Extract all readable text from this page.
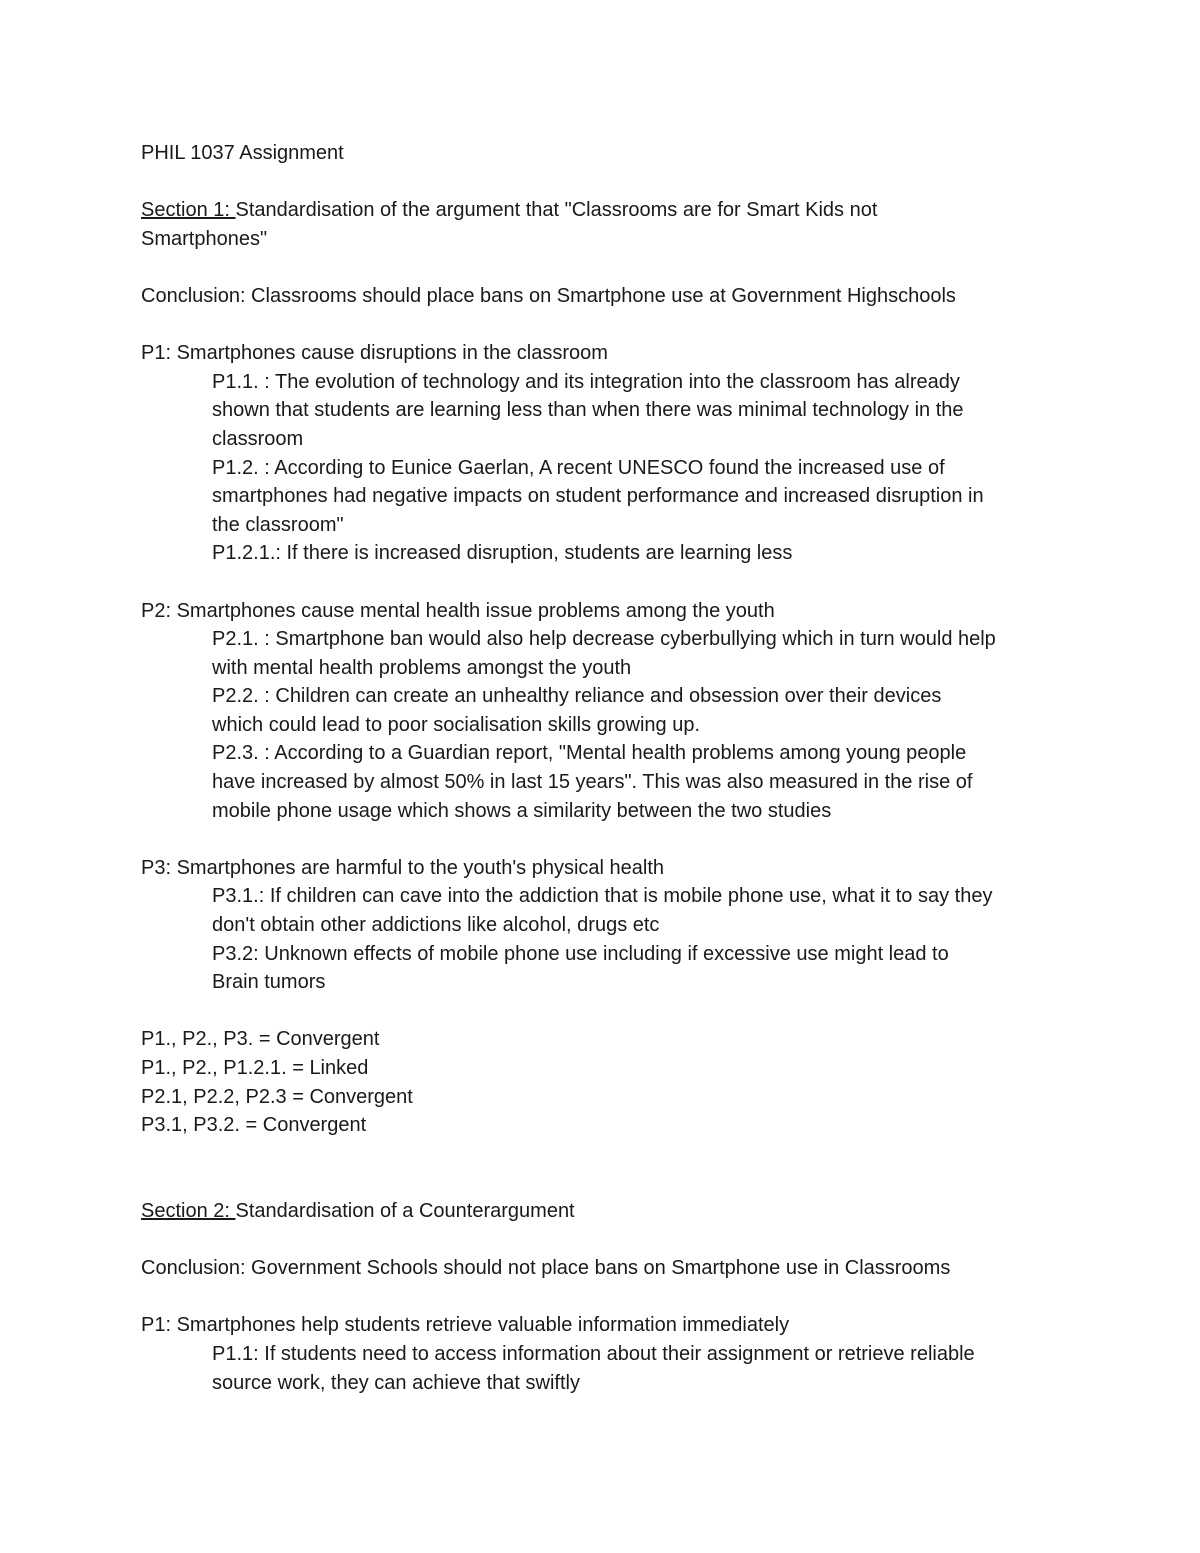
PHIL 1037 Assignment
Section 1: Standardisation of the argument that "Classrooms are for Smart Kids not
Smartphones"
Conclusion: Classrooms should place bans on Smartphone use at Government Highschools
P1: Smartphones cause disruptions in the classroom
P1.1. : The evolution of technology and its integration into the classroom has already
shown that students are learning less than when there was minimal technology in the
classroom
P1.2. : According to Eunice Gaerlan, A recent UNESCO found the increased use of
smartphones had negative impacts on student performance and increased disruption in
the classroom"
P1.2.1.: If there is increased disruption, students are learning less
P2: Smartphones cause mental health issue problems among the youth
P2.1. : Smartphone ban would also help decrease cyberbullying which in turn would help
with mental health problems amongst the youth
P2.2. : Children can create an unhealthy reliance and obsession over their devices
which could lead to poor socialisation skills growing up.
P2.3. : According to a Guardian report, "Mental health problems among young people
have increased by almost 50% in last 15 years". This was also measured in the rise of
mobile phone usage which shows a similarity between the two studies
P3: Smartphones are harmful to the youth's physical health
P3.1.: If children can cave into the addiction that is mobile phone use, what it to say they
don't obtain other addictions like alcohol, drugs etc
P3.2: Unknown effects of mobile phone use including if excessive use might lead to
Brain tumors
P1., P2., P3. = Convergent
P1., P2., P1.2.1. = Linked
P2.1, P2.2, P2.3 = Convergent
P3.1, P3.2. = Convergent
Section 2: Standardisation of a Counterargument
Conclusion: Government Schools should not place bans on Smartphone use in Classrooms
P1: Smartphones help students retrieve valuable information immediately
P1.1: If students need to access information about their assignment or retrieve reliable
source work, they can achieve that swiftly
